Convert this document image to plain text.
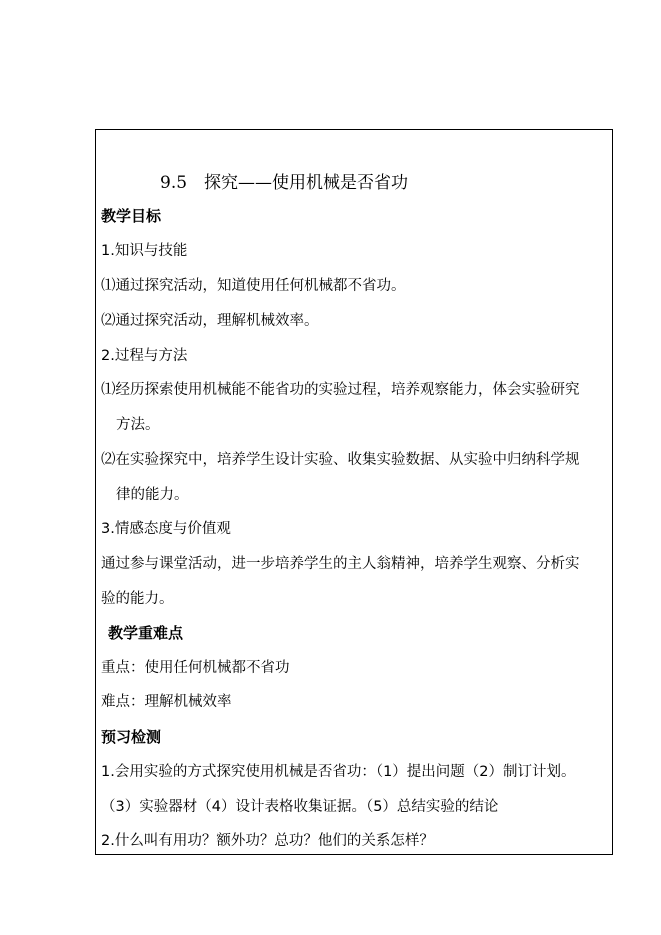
9.5　探究——使用机械是否省功
教学目标
1.知识与技能
⑴通过探究活动，知道使用任何机械都不省功。
⑵通过探究活动，理解机械效率。
2.过程与方法
⑴经历探索使用机械能不能省功的实验过程，培养观察能力，体会实验研究
方法。
⑵在实验探究中，培养学生设计实验、收集实验数据、从实验中归纳科学规
律的能力。
3.情感态度与价值观
通过参与课堂活动，进一步培养学生的主人翁精神，培养学生观察、分析实
验的能力。
教学重难点
重点：使用任何机械都不省功
难点：理解机械效率
预习检测
1.会用实验的方式探究使用机械是否省功：（1）提出问题（2）制订计划。
（3）实验器材（4）设计表格收集证据。（5）总结实验的结论
2.什么叫有用功？额外功？总功？他们的关系怎样？
